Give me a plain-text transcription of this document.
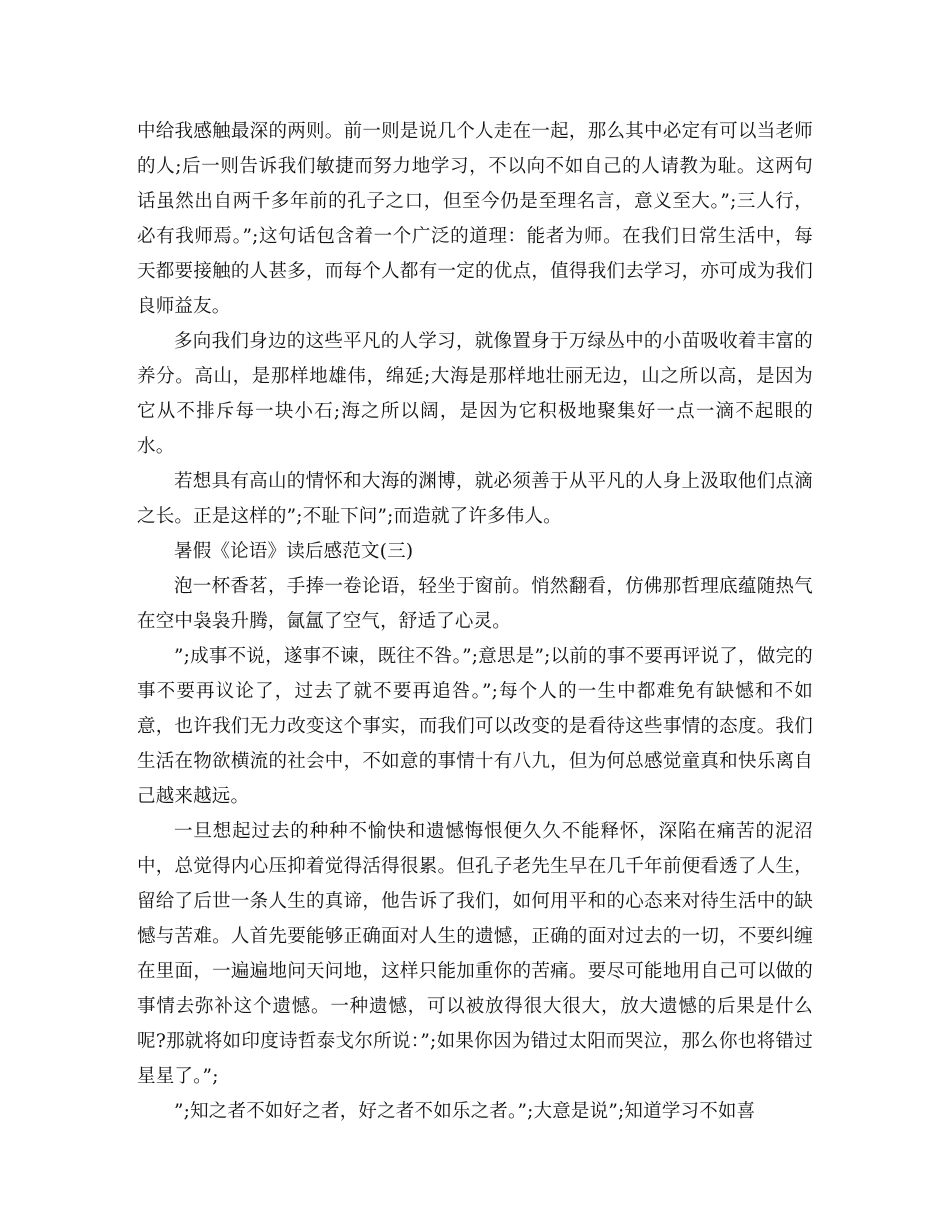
中给我感触最深的两则。前一则是说几个人走在一起，那么其中必定有可以当老师的人;后一则告诉我们敏捷而努力地学习，不以向不如自己的人请教为耻。这两句话虽然出自两千多年前的孔子之口，但至今仍是至理名言，意义至大。”;三人行，必有我师焉。”;这句话包含着一个广泛的道理：能者为师。在我们日常生活中，每天都要接触的人甚多，而每个人都有一定的优点，值得我们去学习，亦可成为我们良师益友。

多向我们身边的这些平凡的人学习，就像置身于万绿丛中的小苗吸收着丰富的养分。高山，是那样地雄伟，绵延;大海是那样地壮丽无边，山之所以高，是因为它从不排斥每一块小石;海之所以阔，是因为它积极地聚集好一点一滴不起眼的水。

若想具有高山的情怀和大海的渊博，就必须善于从平凡的人身上汲取他们点滴之长。正是这样的”;不耻下问”;而造就了许多伟人。

暑假《论语》读后感范文(三)

泡一杯香茗，手捧一卷论语，轻坐于窗前。悄然翻看，仿佛那哲理底蕴随热气在空中袅袅升腾，氤氲了空气，舒适了心灵。

”;成事不说，遂事不谏，既往不咎。”;意思是”;以前的事不要再评说了，做完的事不要再议论了，过去了就不要再追咎。”;每个人的一生中都难免有缺憾和不如意，也许我们无力改变这个事实，而我们可以改变的是看待这些事情的态度。我们生活在物欲横流的社会中，不如意的事情十有八九，但为何总感觉童真和快乐离自己越来越远。

一旦想起过去的种种不愉快和遗憾悔恨便久久不能释怀，深陷在痛苦的泥沼中，总觉得内心压抑着觉得活得很累。但孔子老先生早在几千年前便看透了人生，留给了后世一条人生的真谛，他告诉了我们，如何用平和的心态来对待生活中的缺憾与苦难。人首先要能够正确面对人生的遗憾，正确的面对过去的一切，不要纠缠在里面，一遍遍地问天问地，这样只能加重你的苦痛。要尽可能地用自己可以做的事情去弥补这个遗憾。一种遗憾，可以被放得很大很大，放大遗憾的后果是什么呢?那就将如印度诗哲泰戈尔所说：”;如果你因为错过太阳而哭泣，那么你也将错过星星了。”;

”;知之者不如好之者，好之者不如乐之者。”;大意是说”;知道学习不如喜
